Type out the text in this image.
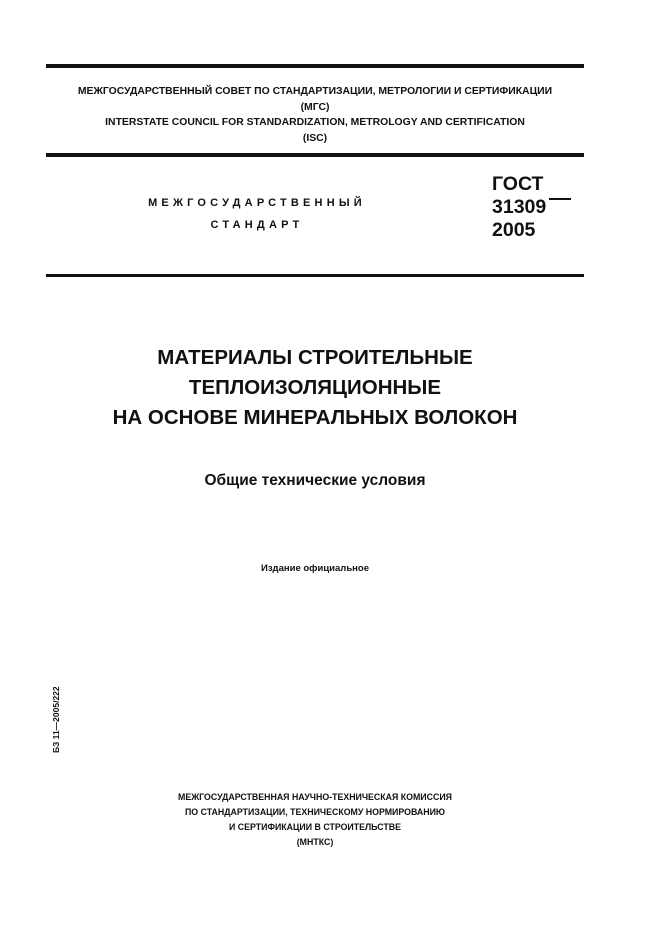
МЕЖГОСУДАРСТВЕННЫЙ СОВЕТ ПО СТАНДАРТИЗАЦИИ, МЕТРОЛОГИИ И СЕРТИФИКАЦИИ
(МГС)
INTERSTATE COUNCIL FOR STANDARDIZATION, METROLOGY AND CERTIFICATION
(ISC)
МЕЖГОСУДАРСТВЕННЫЙ
СТАНДАРТ
ГОСТ
31309
2005
МАТЕРИАЛЫ СТРОИТЕЛЬНЫЕ
ТЕПЛОИЗОЛЯЦИОННЫЕ
НА ОСНОВЕ МИНЕРАЛЬНЫХ ВОЛОКОН
Общие технические условия
Издание официальное
БЗ 11—2005/222
МЕЖГОСУДАРСТВЕННАЯ НАУЧНО-ТЕХНИЧЕСКАЯ КОМИССИЯ
ПО СТАНДАРТИЗАЦИИ, ТЕХНИЧЕСКОМУ НОРМИРОВАНИЮ
И СЕРТИФИКАЦИИ В СТРОИТЕЛЬСТВЕ
(МНТКС)
